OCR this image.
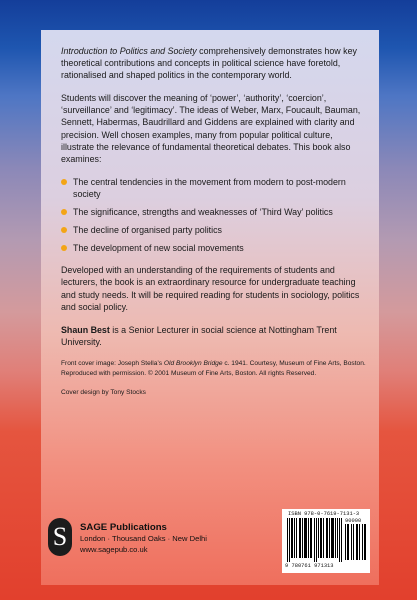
Introduction to Politics and Society comprehensively demonstrates how key theoretical contributions and concepts in political science have foretold, rationalised and shaped politics in the contemporary world.

Students will discover the meaning of ‘power’, ‘authority’, ‘coercion’, ‘surveillance’ and ‘legitimacy’. The ideas of Weber, Marx, Foucault, Bauman, Sennett, Habermas, Baudrillard and Giddens are explained with clarity and precision. Well chosen examples, many from popular political culture, illustrate the relevance of fundamental theoretical debates. This book also examines:

The central tendencies in the movement from modern to post-modern society
The significance, strengths and weaknesses of ‘Third Way’ politics
The decline of organised party politics
The development of new social movements

Developed with an understanding of the requirements of students and lecturers, the book is an extraordinary resource for undergraduate teaching and study needs. It will be required reading for students in sociology, politics and social policy.

Shaun Best is a Senior Lecturer in social science at Nottingham Trent University.

Front cover image: Joseph Stella’s Old Brooklyn Bridge c. 1941. Courtesy, Museum of Fine Arts, Boston. Reproduced with permission. © 2001 Museum of Fine Arts, Boston. All rights Reserved.

Cover design by Tony Stocks

S	SAGE Publications
London · Thousand Oaks · New Delhi
www.sagepub.co.uk
ISBN 978-0-7619-7131-3
90000
9 780761 971313
